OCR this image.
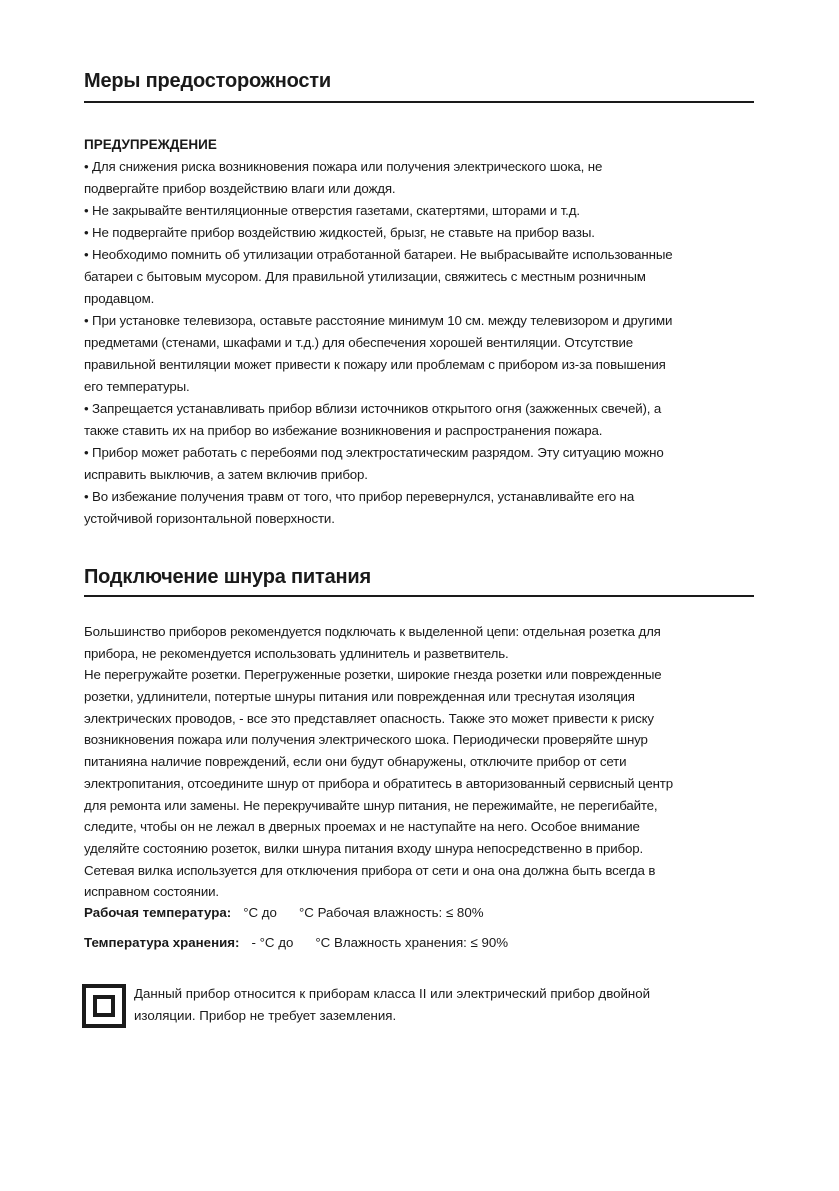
Меры предосторожности
ПРЕДУПРЕЖДЕНИЕ
• Для снижения риска возникновения пожара или получения электрического шока, не
подвергайте прибор воздействию влаги или дождя.
• Не закрывайте вентиляционные отверстия газетами, скатертями, шторами и т.д.
• Не подвергайте прибор воздействию жидкостей, брызг, не ставьте на прибор вазы.
• Необходимо помнить об утилизации отработанной батареи. Не выбрасывайте использованные
батареи с бытовым мусором. Для правильной утилизации, свяжитесь с местным розничным
продавцом.
• При установке телевизора, оставьте расстояние минимум 10 см. между телевизором и другими
предметами (стенами, шкафами и т.д.) для обеспечения хорошей вентиляции. Отсутствие
правильной вентиляции может привести к пожару или проблемам с прибором из-за повышения
его температуры.
• Запрещается устанавливать прибор вблизи источников открытого огня (зажженных свечей), а
также ставить их на прибор во избежание возникновения и распространения пожара.
• Прибор может работать с перебоями под электростатическим разрядом. Эту ситуацию можно
исправить выключив, а затем включив прибор.
• Во избежание получения травм от того, что прибор перевернулся, устанавливайте его на
устойчивой горизонтальной поверхности.
Подключение шнура питания
Большинство приборов рекомендуется подключать к выделенной цепи: отдельная розетка для
прибора, не рекомендуется использовать удлинитель и разветвитель.
Не перегружайте розетки. Перегруженные розетки, широкие гнезда розетки или поврежденные
розетки, удлинители, потертые шнуры питания или поврежденная или треснутая изоляция
электрических проводов, - все это представляет опасность. Также это может привести к риску
возникновения пожара или получения электрического шока. Периодически проверяйте шнур
питанияна наличие повреждений, если они будут обнаружены, отключите прибор от сети
электропитания, отсоедините шнур от прибора и обратитесь в авторизованный сервисный центр
для ремонта или замены. Не перекручивайте шнур питания, не пережимайте, не перегибайте,
следите, чтобы он не лежал в дверных проемах и не наступайте на него. Особое внимание
уделяйте состоянию розеток, вилки шнура питания входу шнура непосредственно в прибор.
Сетевая вилка используется для отключения прибора от сети и она она должна быть всегда в
исправном состоянии.
Рабочая температура: °C до °C Рабочая влажность: ≤ 80%
Температура хранения: - °C до °C Влажность хранения: ≤ 90%
Данный прибор относится к приборам класса II или электрический прибор двойной
изоляции. Прибор не требует заземления.
